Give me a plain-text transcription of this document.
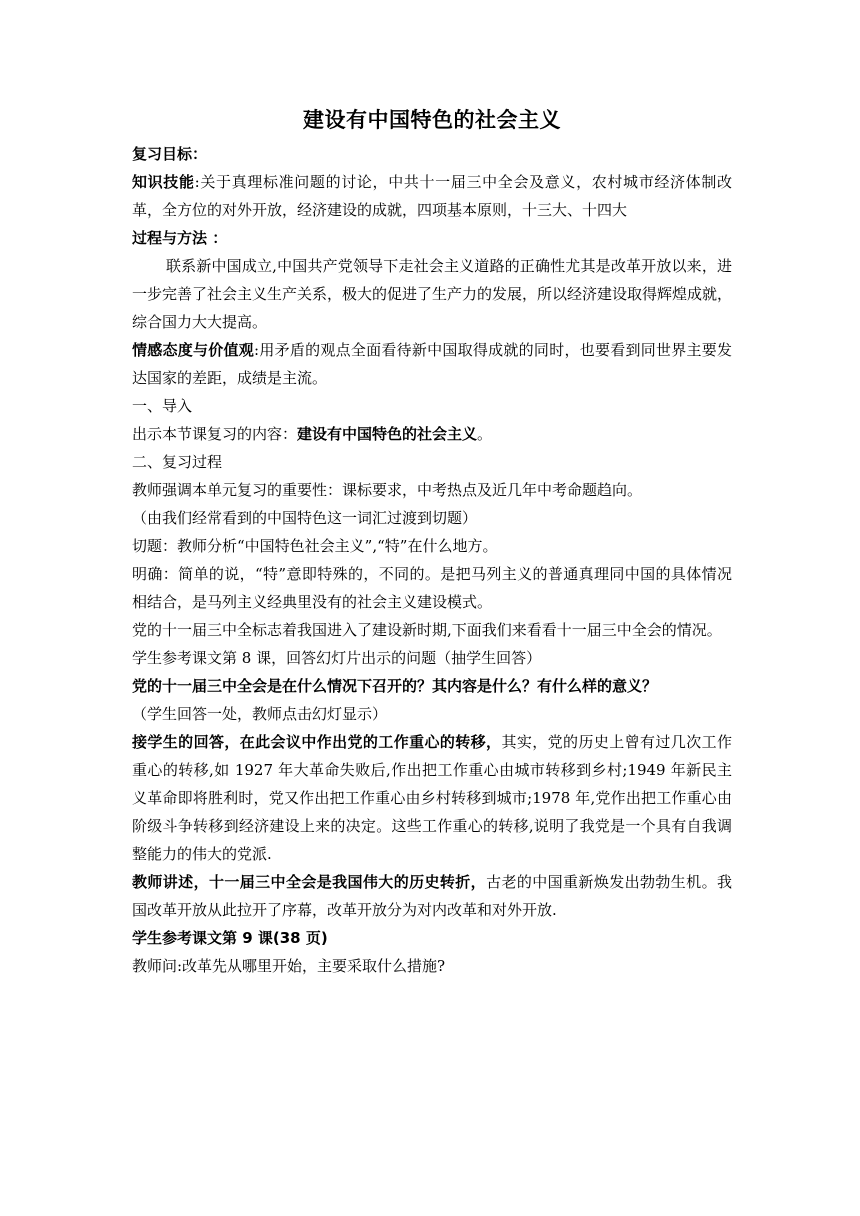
建设有中国特色的社会主义

复习目标：

知识技能:关于真理标准问题的讨论，中共十一届三中全会及意义，农村城市经济体制改革，全方位的对外开放，经济建设的成就，四项基本原则，十三大、十四大

过程与方法 ：

联系新中国成立,中国共产党领导下走社会主义道路的正确性尤其是改革开放以来，进一步完善了社会主义生产关系，极大的促进了生产力的发展，所以经济建设取得辉煌成就，综合国力大大提高。

情感态度与价值观:用矛盾的观点全面看待新中国取得成就的同时，也要看到同世界主要发达国家的差距，成绩是主流。

一、导入

出示本节课复习的内容：建设有中国特色的社会主义。

二、复习过程

教师强调本单元复习的重要性：课标要求，中考热点及近几年中考命题趋向。

（由我们经常看到的中国特色这一词汇过渡到切题）

切题：教师分析“中国特色社会主义”,“特”在什么地方。

明确：简单的说，“特”意即特殊的，不同的。是把马列主义的普通真理同中国的具体情况相结合，是马列主义经典里没有的社会主义建设模式。

党的十一届三中全标志着我国进入了建设新时期,下面我们来看看十一届三中全会的情况。

学生参考课文第 8 课，回答幻灯片出示的问题（抽学生回答）

党的十一届三中全会是在什么情况下召开的？其内容是什么？有什么样的意义？

（学生回答一处，教师点击幻灯显示）

接学生的回答，在此会议中作出党的工作重心的转移，其实，党的历史上曾有过几次工作重心的转移,如 1927 年大革命失败后,作出把工作重心由城市转移到乡村;1949 年新民主义革命即将胜利时，党又作出把工作重心由乡村转移到城市;1978 年,党作出把工作重心由阶级斗争转移到经济建设上来的决定。这些工作重心的转移,说明了我党是一个具有自我调整能力的伟大的党派.

教师讲述，十一届三中全会是我国伟大的历史转折，古老的中国重新焕发出勃勃生机。我国改革开放从此拉开了序幕，改革开放分为对内改革和对外开放.

学生参考课文第 9 课(38 页)

教师问:改革先从哪里开始，主要采取什么措施?
